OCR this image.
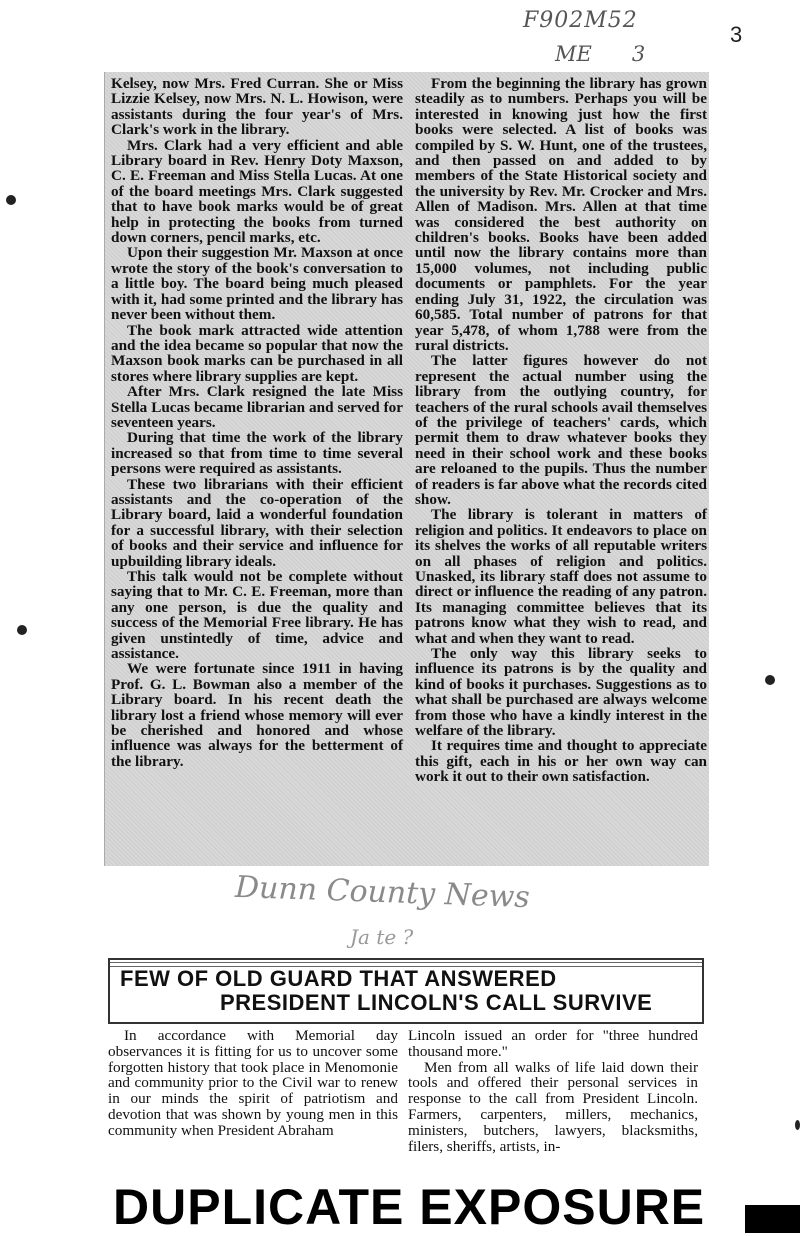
F902M52
ME 3
3

Kelsey, now Mrs. Fred Curran. She or Miss Lizzie Kelsey, now Mrs. N. L. Howison, were assistants during the four year's of Mrs. Clark's work in the library.

Mrs. Clark had a very efficient and able Library board in Rev. Henry Doty Maxson, C. E. Freeman and Miss Stella Lucas. At one of the board meetings Mrs. Clark suggested that to have book marks would be of great help in protecting the books from turned down corners, pencil marks, etc.

Upon their suggestion Mr. Maxson at once wrote the story of the book's conversation to a little boy. The board being much pleased with it, had some printed and the library has never been without them.

The book mark attracted wide attention and the idea became so popular that now the Maxson book marks can be purchased in all stores where library supplies are kept.

After Mrs. Clark resigned the late Miss Stella Lucas became librarian and served for seventeen years.

During that time the work of the library increased so that from time to time several persons were required as assistants.

These two librarians with their efficient assistants and the co-operation of the Library board, laid a wonderful foundation for a successful library, with their selection of books and their service and influence for upbuilding library ideals.

This talk would not be complete without saying that to Mr. C. E. Freeman, more than any one person, is due the quality and success of the Memorial Free library. He has given unstintedly of time, advice and assistance.

We were fortunate since 1911 in having Prof. G. L. Bowman also a member of the Library board. In his recent death the library lost a friend whose memory will ever be cherished and honored and whose influence was always for the betterment of the library.

From the beginning the library has grown steadily as to numbers. Perhaps you will be interested in knowing just how the first books were selected. A list of books was compiled by S. W. Hunt, one of the trustees, and then passed on and added to by members of the State Historical society and the university by Rev. Mr. Crocker and Mrs. Allen of Madison. Mrs. Allen at that time was considered the best authority on children's books. Books have been added until now the library contains more than 15,000 volumes, not including public documents or pamphlets. For the year ending July 31, 1922, the circulation was 60,585. Total number of patrons for that year 5,478, of whom 1,788 were from the rural districts.

The latter figures however do not represent the actual number using the library from the outlying country, for teachers of the rural schools avail themselves of the privilege of teachers' cards, which permit them to draw whatever books they need in their school work and these books are reloaned to the pupils. Thus the number of readers is far above what the records cited show.

The library is tolerant in matters of religion and politics. It endeavors to place on its shelves the works of all reputable writers on all phases of religion and politics. Unasked, its library staff does not assume to direct or influence the reading of any patron. Its managing committee believes that its patrons know what they wish to read, and what and when they want to read.

The only way this library seeks to influence its patrons is by the quality and kind of books it purchases. Suggestions as to what shall be purchased are always welcome from those who have a kindly interest in the welfare of the library.

It requires time and thought to appreciate this gift, each in his or her own way can work it out to their own satisfaction.

Dunn County News
Ja te ?
FEW OF OLD GUARD THAT ANSWERED
PRESIDENT LINCOLN'S CALL SURVIVE

In accordance with Memorial day observances it is fitting for us to uncover some forgotten history that took place in Menomonie and community prior to the Civil war to renew in our minds the spirit of patriotism and devotion that was shown by young men in this community when President Abraham

Lincoln issued an order for "three hundred thousand more."

Men from all walks of life laid down their tools and offered their personal services in response to the call from President Lincoln. Farmers, carpenters, millers, mechanics, ministers, butchers, lawyers, blacksmiths, filers, sheriffs, artists, in-

DUPLICATE EXPOSURE
